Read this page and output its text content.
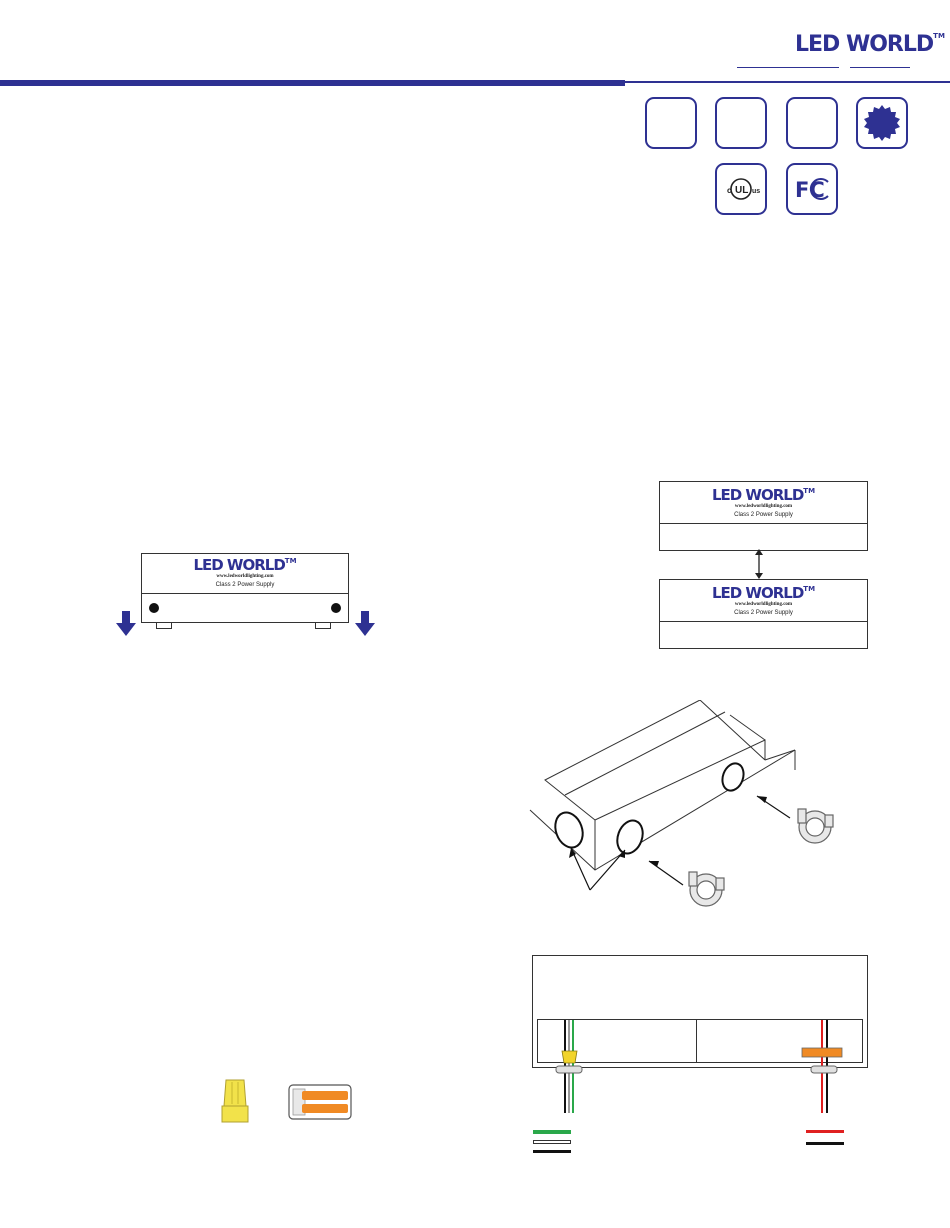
LED WORLD™
c UL us FC
LED WORLD™
www.ledworldlighting.com
Class 2 Power Supply
LED WORLD™
www.ledworldlighting.com
Class 2 Power Supply
LED WORLD™
www.ledworldlighting.com
Class 2 Power Supply
